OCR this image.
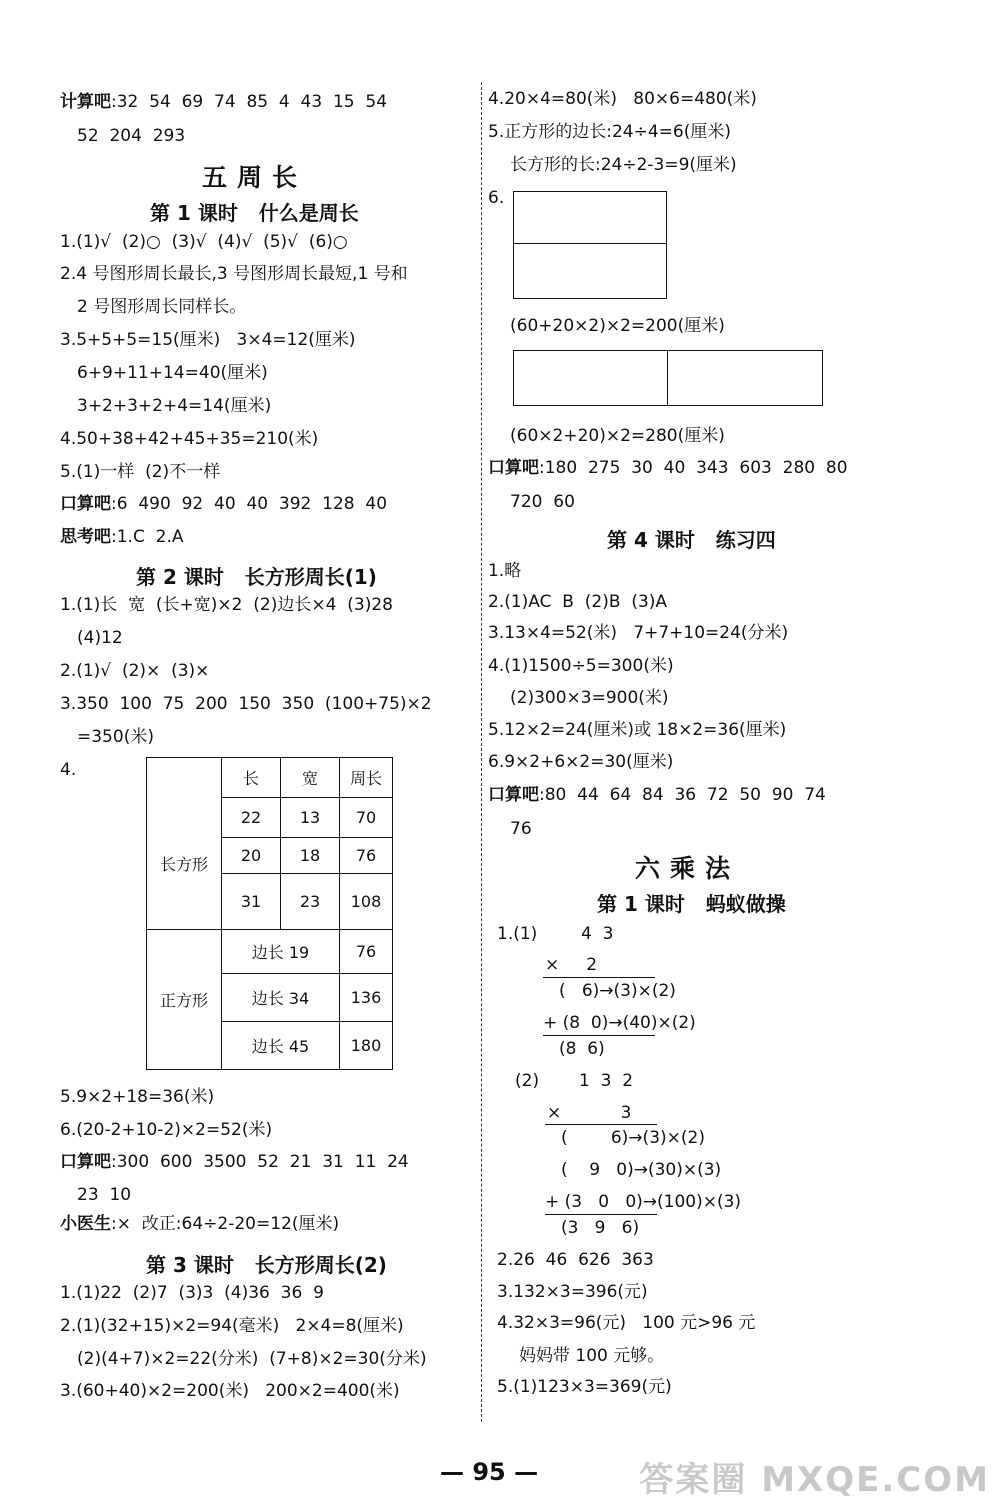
计算吧:32  54  69  74  85  4  43  15  54
52  204  293
五周长
第 1 课时   什么是周长
1.(1)√  (2)○  (3)√  (4)√  (5)√  (6)○
2.4 号图形周长最长,3 号图形周长最短,1 号和
2 号图形周长同样长。
3.5+5+5=15(厘米)   3×4=12(厘米)
6+9+11+14=40(厘米)
3+2+3+2+4=14(厘米)
4.50+38+42+45+35=210(米)
5.(1)一样  (2)不一样
口算吧:6  490  92  40  40  392  128  40
思考吧:1.C  2.A
第 2 课时   长方形周长(1)
1.(1)长  宽  (长+宽)×2  (2)边长×4  (3)28
(4)12
2.(1)√  (2)×  (3)×
3.350  100  75  200  150  350  (100+75)×2
=350(米)
4.
		长	宽	周长
长方形	22	13	70
	20	18	76
	31	23	108
正方形	边长 19		76
	边长 34		136
	边长 45		180
5.9×2+18=36(米)
6.(20-2+10-2)×2=52(米)
口算吧:300  600  3500  52  21  31  11  24
23  10
小医生:×  改正:64÷2-20=12(厘米)
第 3 课时   长方形周长(2)
1.(1)22  (2)7  (3)3  (4)36  36  9
2.(1)(32+15)×2=94(毫米)   2×4=8(厘米)
(2)(4+7)×2=22(分米)  (7+8)×2=30(分米)
3.(60+40)×2=200(米)   200×2=400(米)
4.20×4=80(米)   80×6=480(米)
5.正方形的边长:24÷4=6(厘米)
长方形的长:24÷2-3=9(厘米)
6.
(60+20×2)×2=200(厘米)
(60×2+20)×2=280(厘米)
口算吧:180  275  30  40  343  603  280  80
720  60
第 4 课时   练习四
1.略
2.(1)AC  B  (2)B  (3)A
3.13×4=52(米)   7+7+10=24(分米)
4.(1)1500÷5=300(米)
(2)300×3=900(米)
5.12×2=24(厘米)或 18×2=36(厘米)
6.9×2+6×2=30(厘米)
口算吧:80  44  64  84  36  72  50  90  74
76
六乘法
第 1 课时   蚂蚁做操
1.(1)	4  3
×     2
(   6)→(3)×(2)
+ (8  0)→(40)×(2)
(8  6)
(2) 1  3  2
×           3
(        6)→(3)×(2)
(    9   0)→(30)×(3)
+ (3   0   0)→(100)×(3)
(3   9   6)
2.26  46  626  363
3.132×3=396(元)
4.32×3=96(元)   100 元>96 元
妈妈带 100 元够。
5.(1)123×3=369(元)
— 95 —	答案圈 MXQE.COM
